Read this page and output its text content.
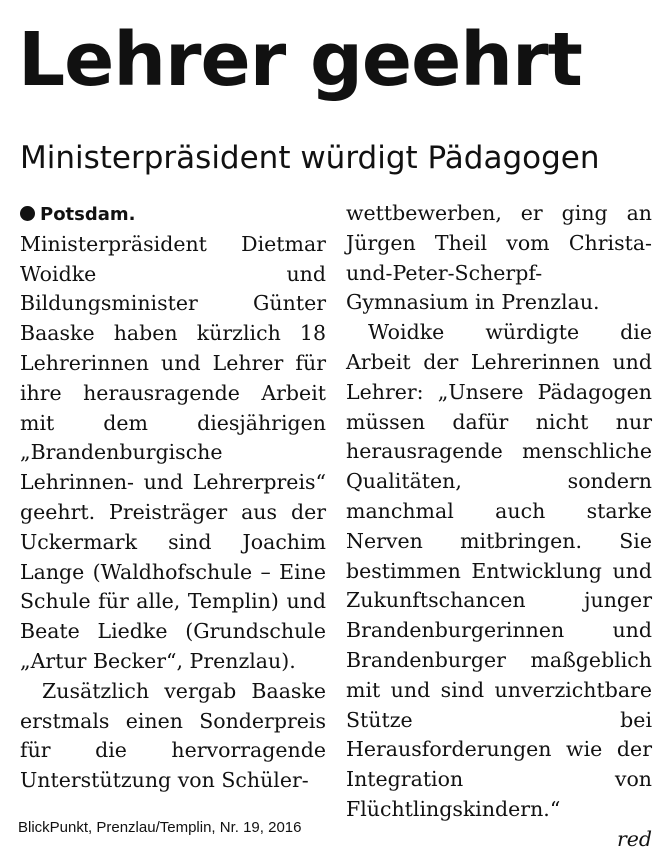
Lehrer geehrt
Ministerpräsident würdigt Pädagogen

Potsdam. Ministerpräsident Dietmar Woidke und Bildungsminister Günter Baaske haben kürzlich 18 Lehrerinnen und Lehrer für ihre herausragende Arbeit mit dem diesjährigen „Brandenburgische Lehrinnen- und Lehrerpreis“ geehrt. Preisträger aus der Uckermark sind Joachim Lange (Waldhofschule – Eine Schule für alle, Templin) und Beate Liedke (Grundschule „Artur Becker“, Prenzlau).

Zusätzlich vergab Baaske erstmals einen Sonderpreis für die hervorragende Unterstützung von Schüler-

wettbewerben, er ging an Jürgen Theil vom Christa-und-Peter-Scherpf-Gymnasium in Prenzlau.

Woidke würdigte die Arbeit der Lehrerinnen und Lehrer: „Unsere Pädagogen müssen dafür nicht nur herausragende menschliche Qualitäten, sondern manchmal auch starke Nerven mitbringen. Sie bestimmen Entwicklung und Zukunftschancen junger Brandenburgerinnen und Brandenburger maßgeblich mit und sind unverzichtbare Stütze bei Herausforderungen wie der Integration von Flüchtlingskindern.“

red

BlickPunkt, Prenzlau/Templin, Nr. 19, 2016
